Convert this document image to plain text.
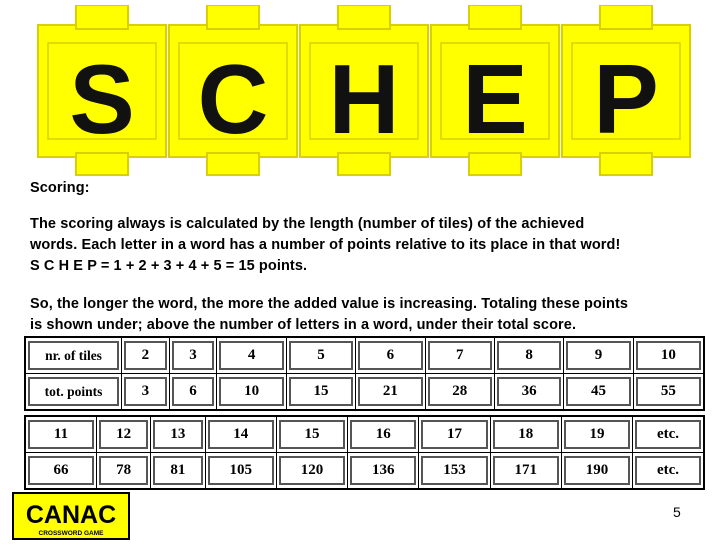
S C H E P
Scoring:
The scoring always is calculated by the length (number of tiles) of the achieved
words. Each letter in a word has a number of points relative to its place in that word!
S C H E P = 1 + 2 + 3 + 4 + 5 = 15 points.
So, the longer the word, the more the added value is increasing. Totaling these points
is shown under; above the number of letters in a word, under their total score.
nr. of tiles	2	3	4	5	6	7	8	9	10

tot. points	3	6	10	15	21	28	36	45	55
11	12	13	14	15	16	17	18	19	etc.

66	78	81	105	120	136	153	171	190	etc.
CANAC
CROSSWORD GAME
5
